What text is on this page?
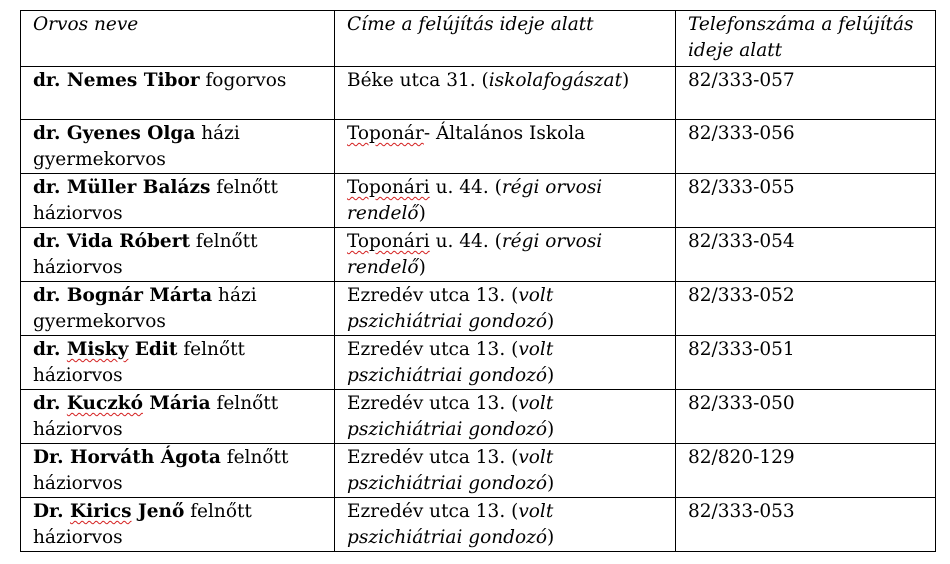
Orvos neve	Címe a felújítás ideje alatt	Telefonszáma a felújítás ideje alatt
dr. Nemes Tibor fogorvos	Béke utca 31. (iskolafogászat)	82/333-057
dr. Gyenes Olga házi gyermekorvos	Toponár- Általános Iskola	82/333-056
dr. Müller Balázs felnőtt háziorvos	Toponári u. 44. (régi orvosi rendelő)	82/333-055
dr. Vida Róbert felnőtt háziorvos	Toponári u. 44. (régi orvosi rendelő)	82/333-054
dr. Bognár Márta házi gyermekorvos	Ezredév utca 13. (volt pszichiátriai gondozó)	82/333-052
dr. Misky Edit felnőtt háziorvos	Ezredév utca 13. (volt pszichiátriai gondozó)	82/333-051
dr. Kuczkó Mária felnőtt háziorvos	Ezredév utca 13. (volt pszichiátriai gondozó)	82/333-050
Dr. Horváth Ágota felnőtt háziorvos	Ezredév utca 13. (volt pszichiátriai gondozó)	82/820-129
Dr. Kirics Jenő felnőtt háziorvos	Ezredév utca 13. (volt pszichiátriai gondozó)	82/333-053
